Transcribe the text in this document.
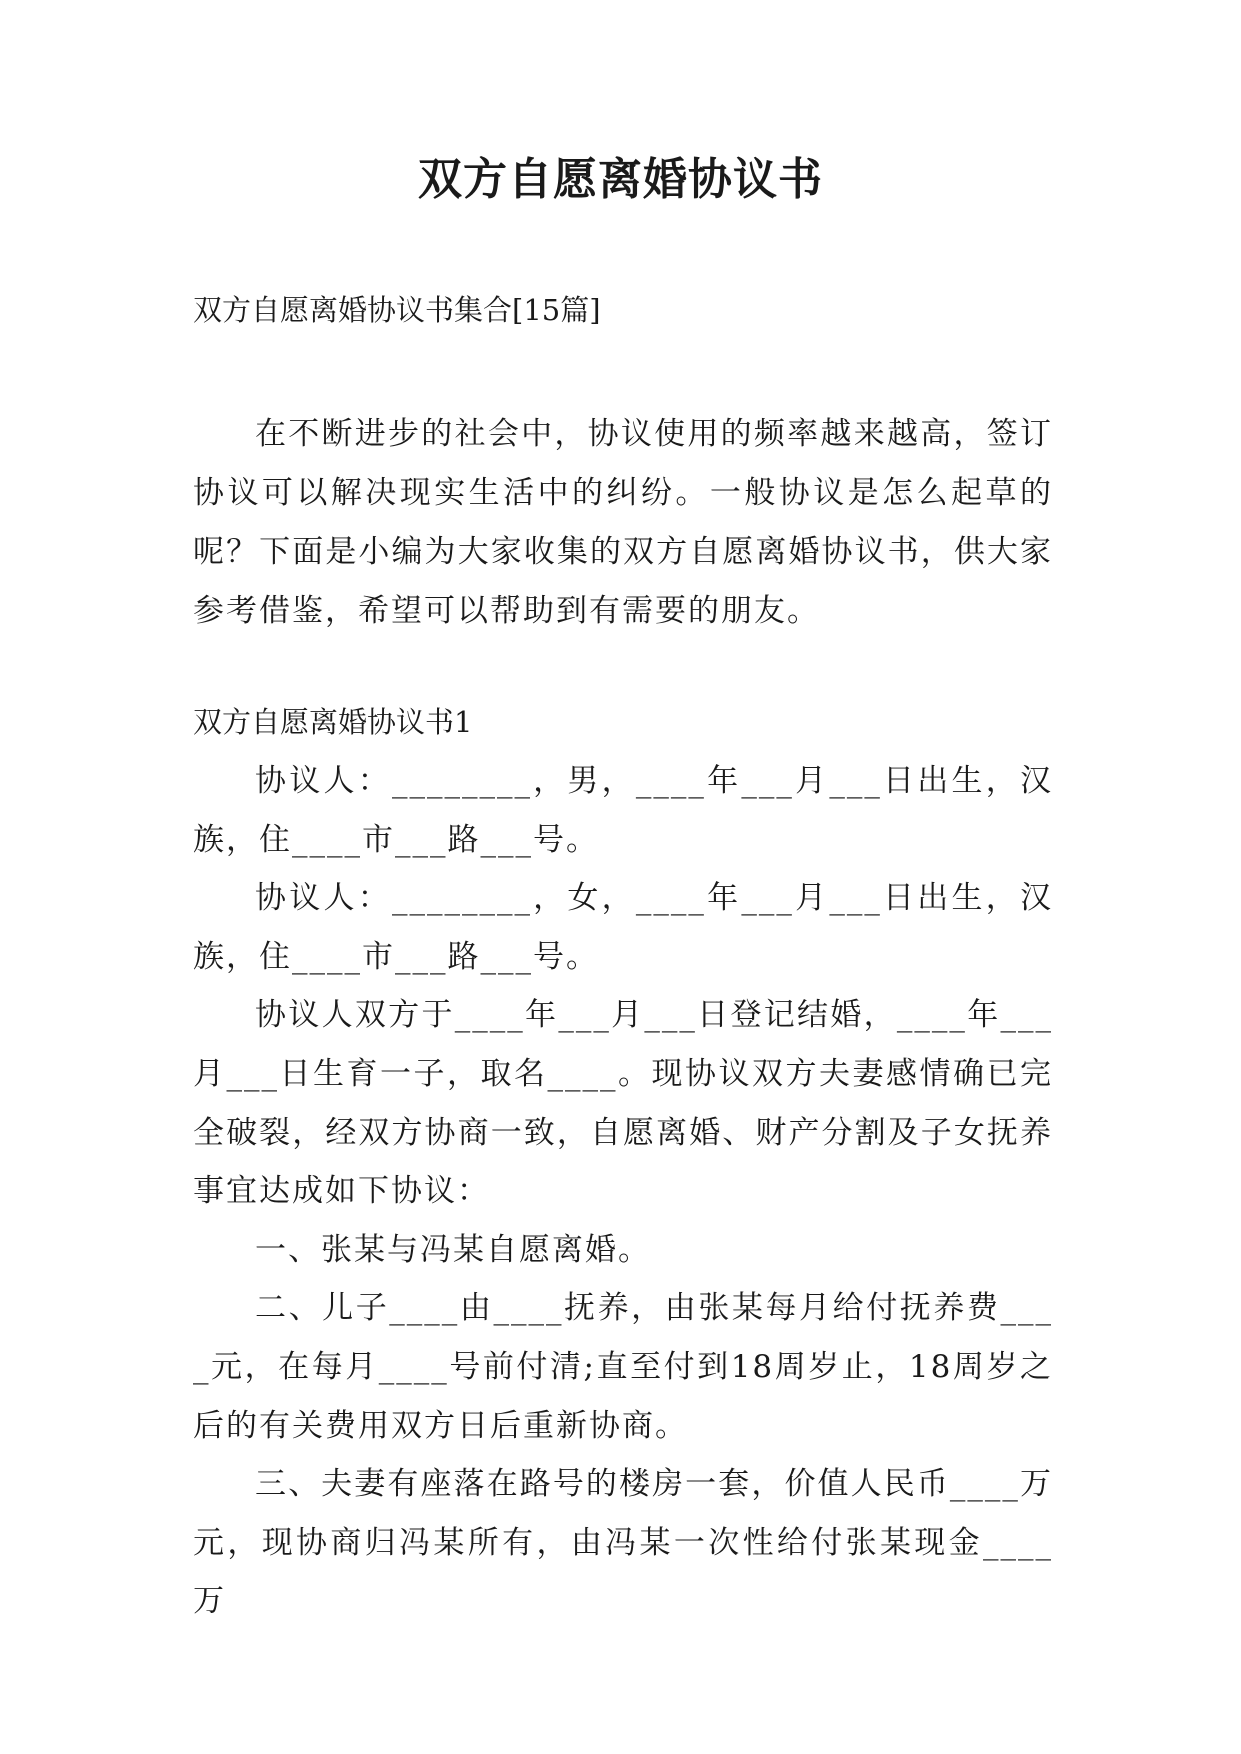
双方自愿离婚协议书
双方自愿离婚协议书集合[15篇]

在不断进步的社会中，协议使用的频率越来越高，签订协议可以解决现实生活中的纠纷。一般协议是怎么起草的呢？下面是小编为大家收集的双方自愿离婚协议书，供大家参考借鉴，希望可以帮助到有需要的朋友。

双方自愿离婚协议书1

协议人：________，男，____年___月___日出生，汉族，住____市___路___号。

协议人：________，女，____年___月___日出生，汉族，住____市___路___号。

协议人双方于____年___月___日登记结婚，____年___月___日生育一子，取名____。现协议双方夫妻感情确已完全破裂，经双方协商一致，自愿离婚、财产分割及子女抚养事宜达成如下协议：

一、张某与冯某自愿离婚。

二、儿子____由____抚养，由张某每月给付抚养费____元，在每月____号前付清;直至付到18周岁止，18周岁之后的有关费用双方日后重新协商。

三、夫妻有座落在路号的楼房一套，价值人民币____万元，现协商归冯某所有，由冯某一次性给付张某现金____万
